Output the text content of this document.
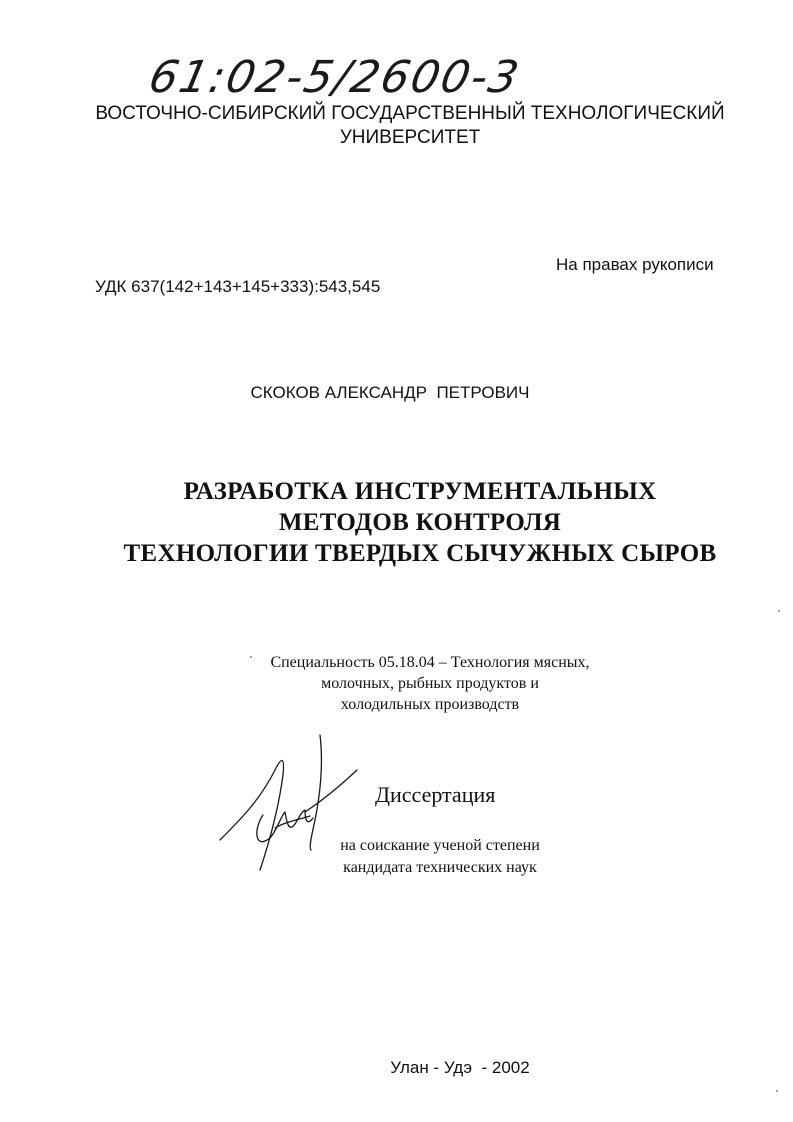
61:02-5/2600-3
ВОСТОЧНО-СИБИРСКИЙ ГОСУДАРСТВЕННЫЙ ТЕХНОЛОГИЧЕСКИЙ
УНИВЕРСИТЕТ
На правах рукописи
УДК 637(142+143+145+333):543,545
СКОКОВ АЛЕКСАНДР  ПЕТРОВИЧ
РАЗРАБОТКА ИНСТРУМЕНТАЛЬНЫХ
МЕТОДОВ КОНТРОЛЯ
ТЕХНОЛОГИИ ТВЕРДЫХ СЫЧУЖНЫХ СЫРОВ
Специальность 05.18.04 – Технология мясных,
молочных, рыбных продуктов и
холодильных производств
Диссертация
на соискание ученой степени
кандидата технических наук
Улан - Удэ  - 2002
